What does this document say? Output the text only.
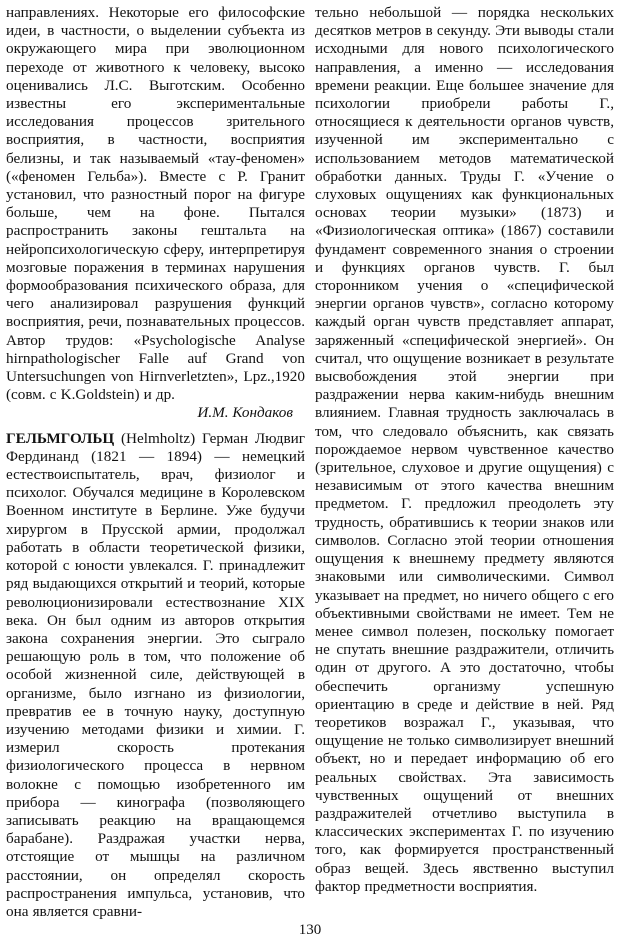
направлениях. Некоторые его философские идеи, в частности, о выделении субъекта из окружающего мира при эволюционном переходе от животного к человеку, высоко оценивались Л.С. Выготским. Особенно известны его экспериментальные исследования процессов зрительного восприятия, в частности, восприятия белизны, и так называемый «тау-феномен» («феномен Гельба»). Вместе с Р. Гранит установил, что разностный порог на фигуре больше, чем на фоне. Пытался распространить законы гештальта на нейропсихологическую сферу, интерпретируя мозговые поражения в терминах нарушения формообразования психического образа, для чего анализировал разрушения функций восприятия, речи, познавательных процессов. Автор трудов: «Psychologische Analyse hirnpathologischer Falle auf Grand von Untersuchungen von Hirnverletzten», Lpz.,1920 (совм. с K.Goldstein) и др.

И.М. Кондаков

ГЕЛЬМГОЛЬЦ (Helmholtz) Герман Людвиг Фердинанд (1821 — 1894) — немецкий естествоиспытатель, врач, физиолог и психолог. Обучался медицине в Королевском Военном институте в Берлине. Уже будучи хирургом в Прусской армии, продолжал работать в области теоретической физики, которой с юности увлекался. Г. принадлежит ряд выдающихся открытий и теорий, которые революционизировали естествознание XIX века. Он был одним из авторов открытия закона сохранения энергии. Это сыграло решающую роль в том, что положение об особой жизненной силе, действующей в организме, было изгнано из физиологии, превратив ее в точную науку, доступную изучению методами физики и химии. Г. измерил скорость протекания физиологического процесса в нервном волокне с помощью изобретенного им прибора — кинографа (позволяющего записывать реакцию на вращающемся барабане). Раздражая участки нерва, отстоящие от мышцы на различном расстоянии, он определял скорость распространения импульса, установив, что она является сравни-

тельно небольшой — порядка нескольких десятков метров в секунду. Эти выводы стали исходными для нового психологического направления, а именно — исследования времени реакции. Еще большее значение для психологии приобрели работы Г., относящиеся к деятельности органов чувств, изученной им экспериментально с использованием методов математической обработки данных. Труды Г. «Учение о слуховых ощущениях как функциональных основах теории музыки» (1873) и «Физиологическая оптика» (1867) составили фундамент современного знания о строении и функциях органов чувств. Г. был сторонником учения о «специфической энергии органов чувств», согласно которому каждый орган чувств представляет аппарат, заряженный «специфической энергией». Он считал, что ощущение возникает в результате высвобождения этой энергии при раздражении нерва каким-нибудь внешним влиянием. Главная трудность заключалась в том, что следовало объяснить, как связать порождаемое нервом чувственное качество (зрительное, слуховое и другие ощущения) с независимым от этого качества внешним предметом. Г. предложил преодолеть эту трудность, обратившись к теории знаков или символов. Согласно этой теории отношения ощущения к внешнему предмету являются знаковыми или символическими. Символ указывает на предмет, но ничего общего с его объективными свойствами не имеет. Тем не менее символ полезен, поскольку помогает не спутать внешние раздражители, отличить один от другого. А это достаточно, чтобы обеспечить организму успешную ориентацию в среде и действие в ней. Ряд теоретиков возражал Г., указывая, что ощущение не только символизирует внешний объект, но и передает информацию об его реальных свойствах. Эта зависимость чувственных ощущений от внешних раздражителей отчетливо выступила в классических экспериментах Г. по изучению того, как формируется пространственный образ вещей. Здесь явственно выступил фактор предметности восприятия.

130
